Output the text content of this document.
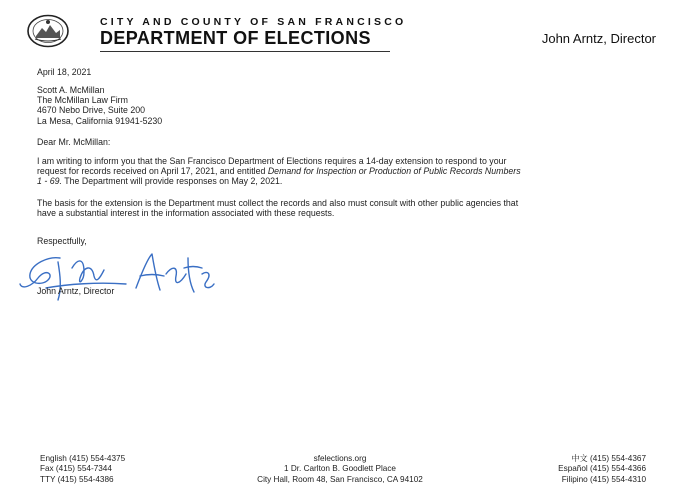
CITY AND COUNTY OF SAN FRANCISCO
DEPARTMENT OF ELECTIONS	John Arntz, Director
April 18, 2021
Scott A. McMillan
The McMillan Law Firm
4670 Nebo Drive, Suite 200
La Mesa, California 91941-5230
Dear Mr. McMillan:
I am writing to inform you that the San Francisco Department of Elections requires a 14-day extension to respond to your
request for records received on April 17, 2021, and entitled Demand for Inspection or Production of Public Records Numbers
1 - 69. The Department will provide responses on May 2, 2021.
The basis for the extension is the Department must collect the records and also must consult with other public agencies that
have a substantial interest in the information associated with these requests.
Respectfully,
John Arntz, Director
English (415) 554-4375
Fax (415) 554-7344
TTY (415) 554-4386
sfelections.org
1 Dr. Carlton B. Goodlett Place
City Hall, Room 48, San Francisco, CA 94102
中文 (415) 554-4367
Español (415) 554-4366
Filipino (415) 554-4310
